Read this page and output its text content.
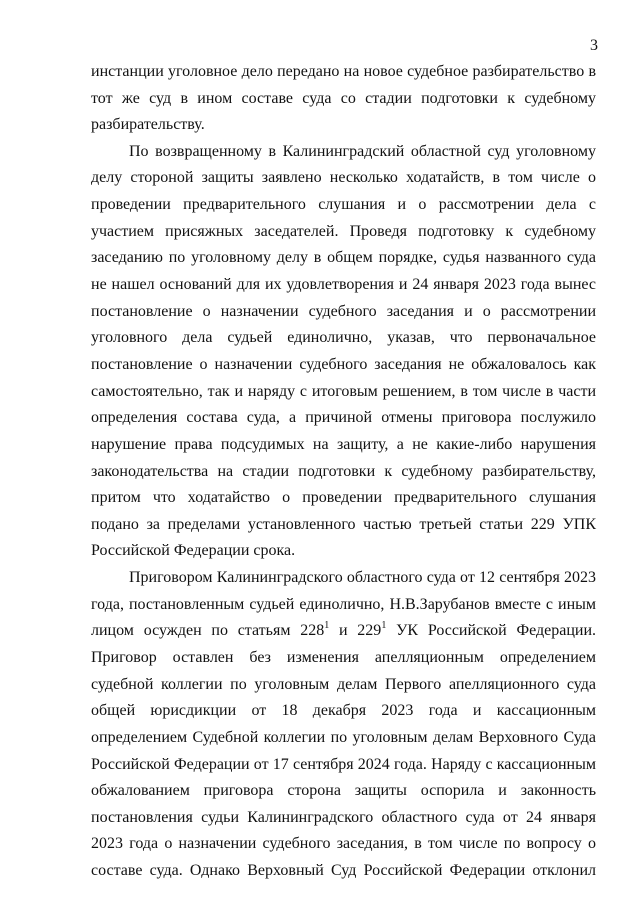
3
инстанции уголовное дело передано на новое судебное разбирательство в
тот же суд в ином составе суда со стадии подготовки к судебному
разбирательству.
По возвращенному в Калининградский областной суд уголовному
делу стороной защиты заявлено несколько ходатайств, в том числе о
проведении предварительного слушания и о рассмотрении дела с
участием присяжных заседателей. Проведя подготовку к судебному
заседанию по уголовному делу в общем порядке, судья названного суда
не нашел оснований для их удовлетворения и 24 января 2023 года вынес
постановление о назначении судебного заседания и о рассмотрении
уголовного дела судьей единолично, указав, что первоначальное
постановление о назначении судебного заседания не обжаловалось как
самостоятельно, так и наряду с итоговым решением, в том числе в части
определения состава суда, а причиной отмены приговора послужило
нарушение права подсудимых на защиту, а не какие-либо нарушения
законодательства на стадии подготовки к судебному разбирательству,
притом что ходатайство о проведении предварительного слушания
подано за пределами установленного частью третьей статьи 229 УПК
Российской Федерации срока.
Приговором Калининградского областного суда от 12 сентября 2023
года, постановленным судьей единолично, Н.В.Зарубанов вместе с иным
лицом осужден по статьям 228$^1$ и 229$^1$ УК Российской Федерации.
Приговор оставлен без изменения апелляционным определением
судебной коллегии по уголовным делам Первого апелляционного суда
общей юрисдикции от 18 декабря 2023 года и кассационным
определением Судебной коллегии по уголовным делам Верховного Суда
Российской Федерации от 17 сентября 2024 года. Наряду с кассационным
обжалованием приговора сторона защиты оспорила и законность
постановления судьи Калининградского областного суда от 24 января
2023 года о назначении судебного заседания, в том числе по вопросу о
составе суда. Однако Верховный Суд Российской Федерации отклонил
